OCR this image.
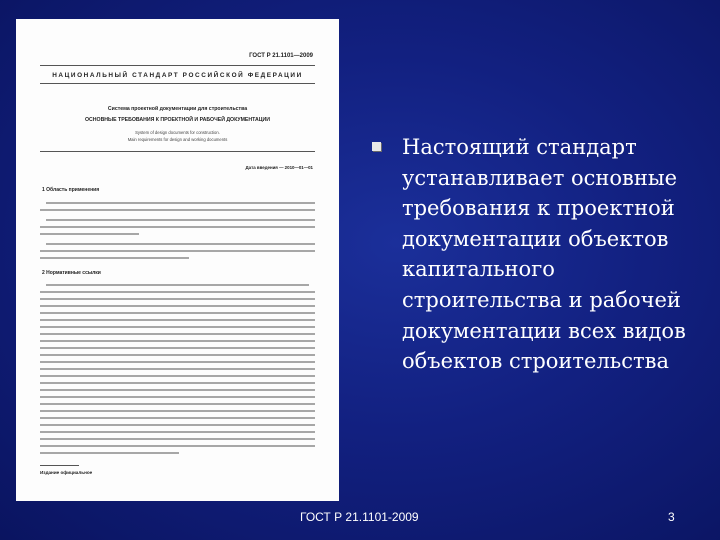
ГОСТ Р 21.1101—2009
НАЦИОНАЛЬНЫЙ СТАНДАРТ РОССИЙСКОЙ ФЕДЕРАЦИИ
Система проектной документации для строительства
ОСНОВНЫЕ ТРЕБОВАНИЯ К ПРОЕКТНОЙ И РАБОЧЕЙ ДОКУМЕНТАЦИИ
System of design documents for construction.
Main requirements for design and working documents
Дата введения — 2010—01—01
1 Область применения
2 Нормативные ссылки
Издание официальное
Настоящий стандарт устанавливает основные требования к проектной документации объектов капитального строительства и рабочей документации всех видов объектов строительства
ГОСТ Р 21.1101-2009	3
